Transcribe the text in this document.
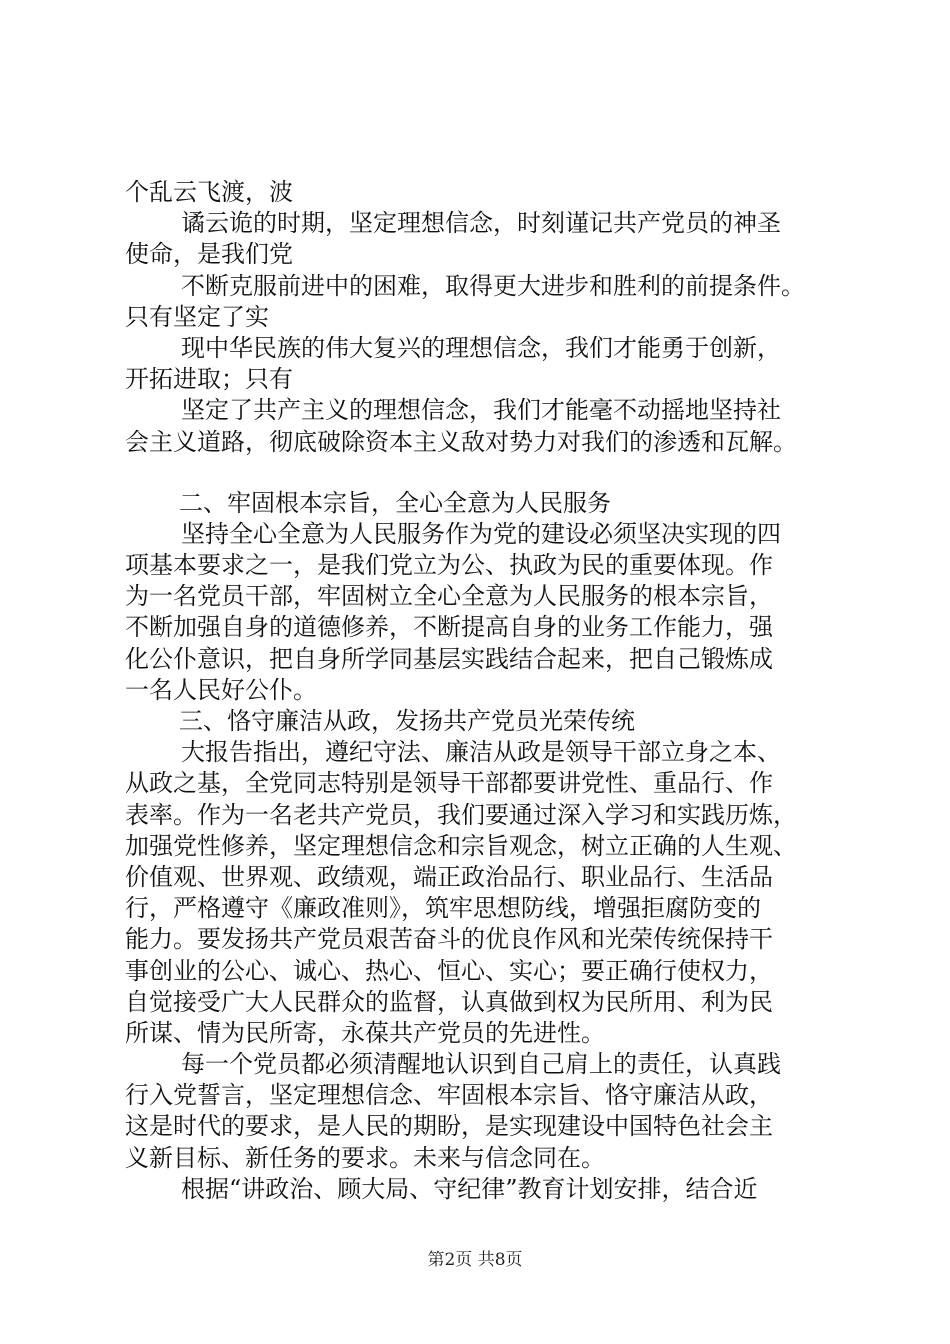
个乱云飞渡，波
谲云诡的时期，坚定理想信念，时刻谨记共产党员的神圣
使命，是我们党
不断克服前进中的困难，取得更大进步和胜利的前提条件。
只有坚定了实
现中华民族的伟大复兴的理想信念，我们才能勇于创新，
开拓进取；只有
坚定了共产主义的理想信念，我们才能毫不动摇地坚持社
会主义道路，彻底破除资本主义敌对势力对我们的渗透和瓦解。
二、牢固根本宗旨，全心全意为人民服务
坚持全心全意为人民服务作为党的建设必须坚决实现的四
项基本要求之一，是我们党立为公、执政为民的重要体现。作
为一名党员干部，牢固树立全心全意为人民服务的根本宗旨，
不断加强自身的道德修养，不断提高自身的业务工作能力，强
化公仆意识，把自身所学同基层实践结合起来，把自己锻炼成
一名人民好公仆。
三、恪守廉洁从政，发扬共产党员光荣传统
大报告指出，遵纪守法、廉洁从政是领导干部立身之本、
从政之基，全党同志特别是领导干部都要讲党性、重品行、作
表率。作为一名老共产党员，我们要通过深入学习和实践历炼，
加强党性修养，坚定理想信念和宗旨观念，树立正确的人生观、
价值观、世界观、政绩观，端正政治品行、职业品行、生活品
行，严格遵守《廉政准则》，筑牢思想防线，增强拒腐防变的
能力。要发扬共产党员艰苦奋斗的优良作风和光荣传统保持干
事创业的公心、诚心、热心、恒心、实心；要正确行使权力，
自觉接受广大人民群众的监督，认真做到权为民所用、利为民
所谋、情为民所寄，永葆共产党员的先进性。
每一个党员都必须清醒地认识到自己肩上的责任，认真践
行入党誓言，坚定理想信念、牢固根本宗旨、恪守廉洁从政，
这是时代的要求，是人民的期盼，是实现建设中国特色社会主
义新目标、新任务的要求。未来与信念同在。
根据“讲政治、顾大局、守纪律”教育计划安排，结合近
第2页 共8页
